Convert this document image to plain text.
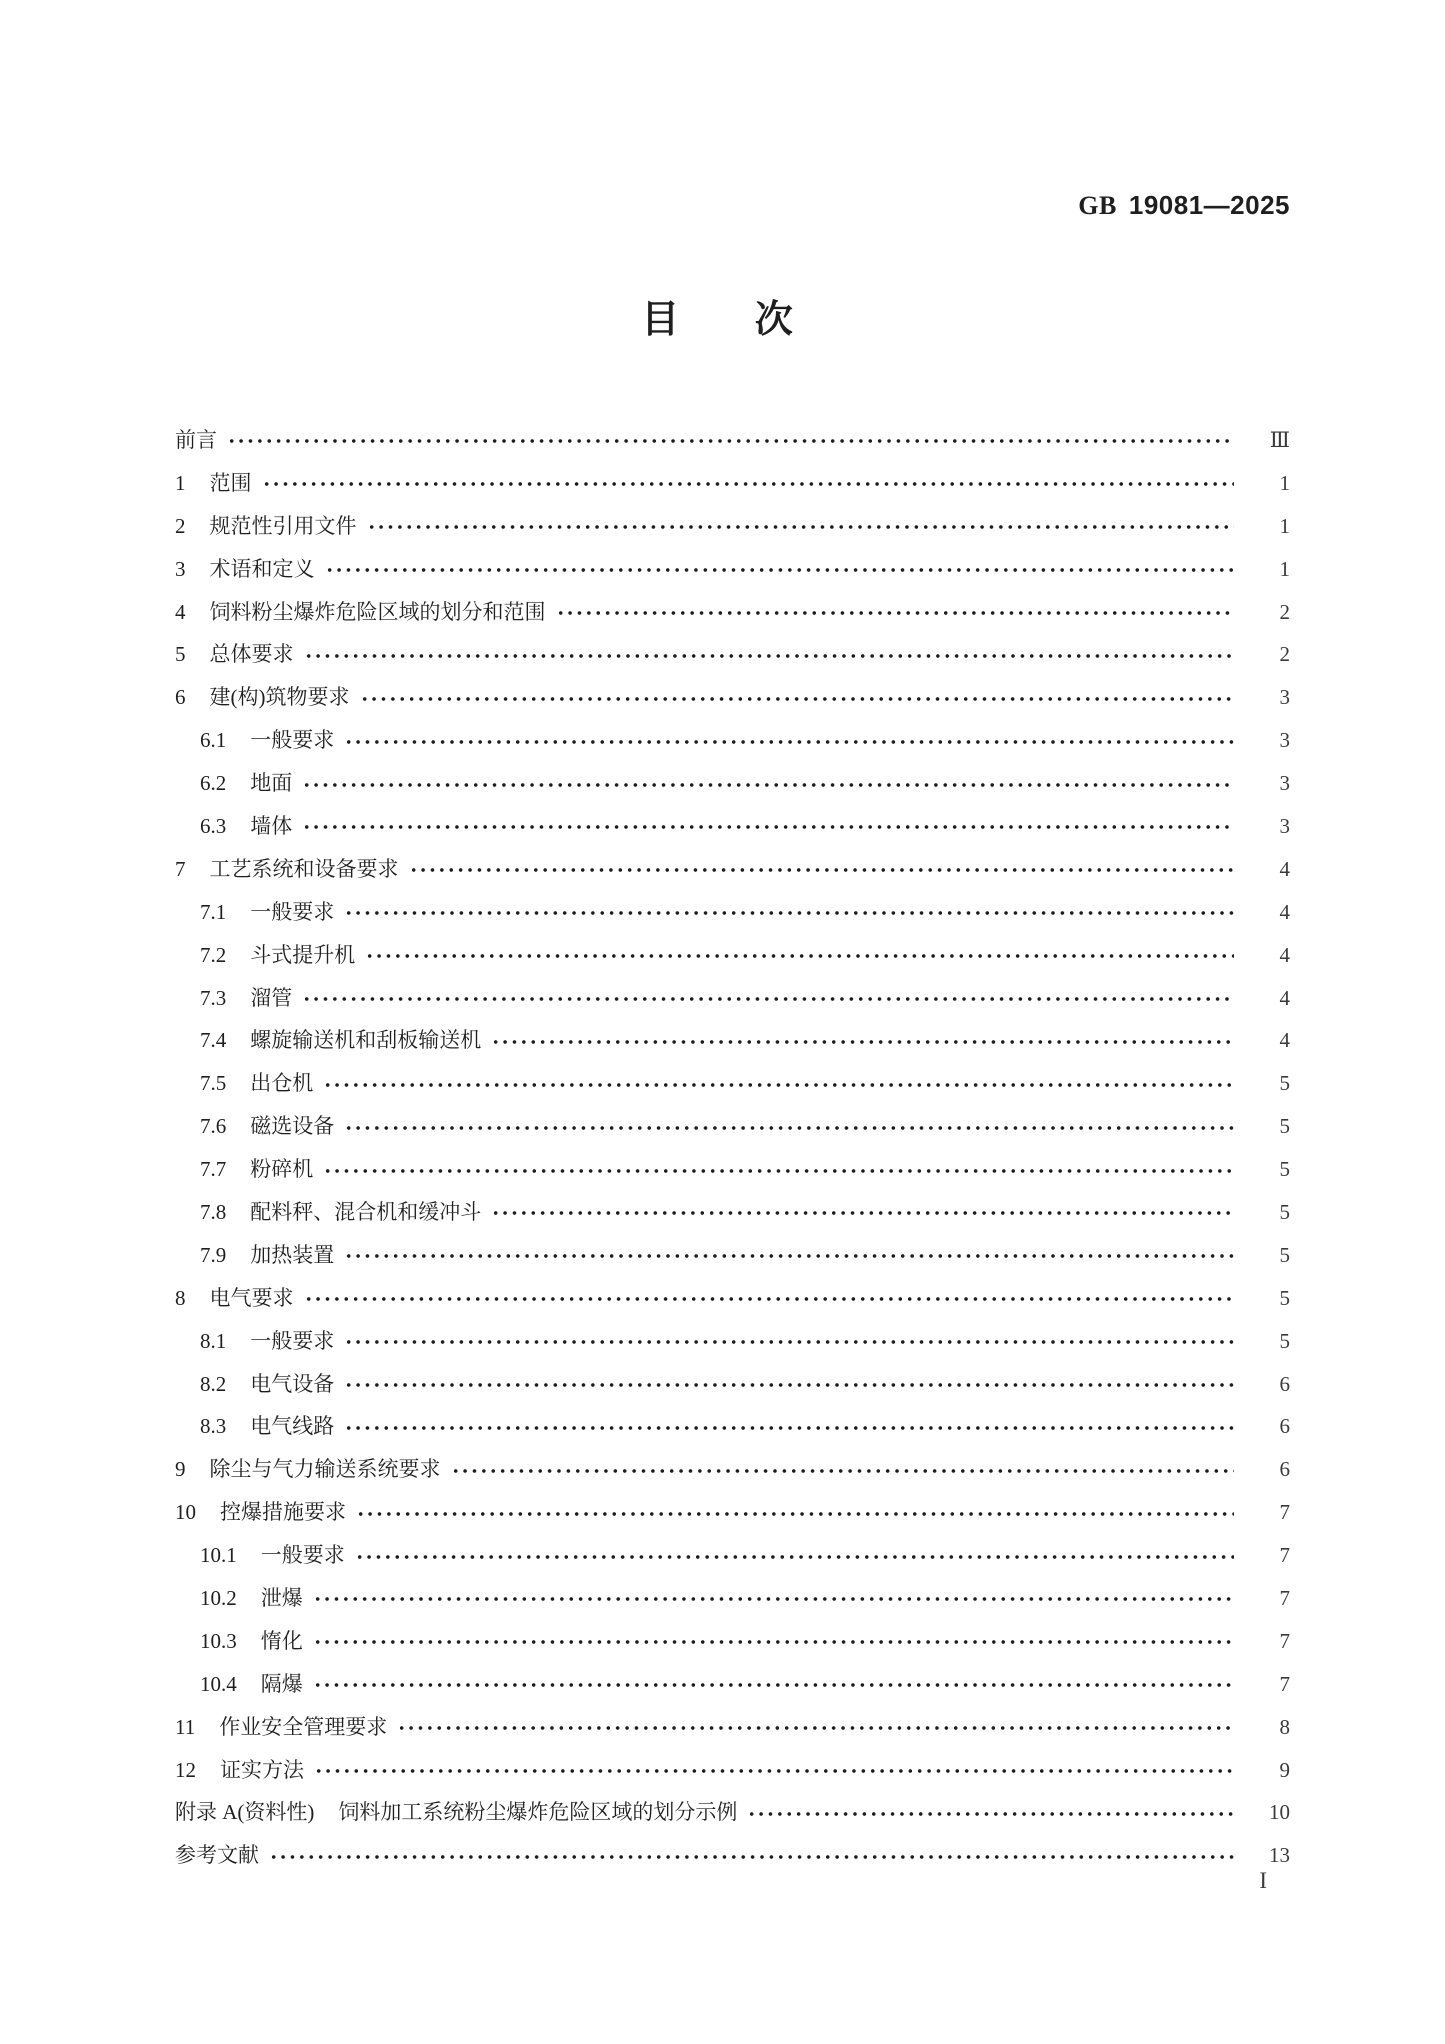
GB 19081—2025

目 次
前言	Ⅲ
1 范围	1
2 规范性引用文件	1
3 术语和定义	1
4 饲料粉尘爆炸危险区域的划分和范围	2
5 总体要求	2
6 建(构)筑物要求	3
6.1 一般要求	3
6.2 地面	3
6.3 墙体	3
7 工艺系统和设备要求	4
7.1 一般要求	4
7.2 斗式提升机	4
7.3 溜管	4
7.4 螺旋输送机和刮板输送机	4
7.5 出仓机	5
7.6 磁选设备	5
7.7 粉碎机	5
7.8 配料秤、混合机和缓冲斗	5
7.9 加热装置	5
8 电气要求	5
8.1 一般要求	5
8.2 电气设备	6
8.3 电气线路	6
9 除尘与气力输送系统要求	6
10 控爆措施要求	7
10.1 一般要求	7
10.2 泄爆	7
10.3 惰化	7
10.4 隔爆	7
11 作业安全管理要求	8
12 证实方法	9
附录 A(资料性) 饲料加工系统粉尘爆炸危险区域的划分示例	10
参考文献	13
I
